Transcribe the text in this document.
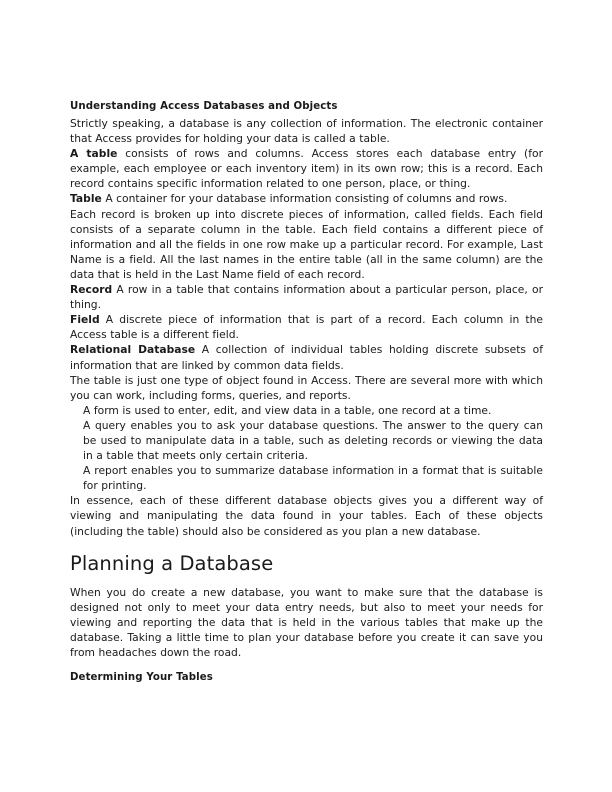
Understanding Access Databases and Objects

Strictly speaking, a database is any collection of information. The electronic container that Access provides for holding your data is called a table.

A table consists of rows and columns. Access stores each database entry (for example, each employee or each inventory item) in its own row; this is a record. Each record contains specific information related to one person, place, or thing.

Table A container for your database information consisting of columns and rows.

Each record is broken up into discrete pieces of information, called fields. Each field consists of a separate column in the table. Each field contains a different piece of information and all the fields in one row make up a particular record. For example, Last Name is a field. All the last names in the entire table (all in the same column) are the data that is held in the Last Name field of each record.

Record A row in a table that contains information about a particular person, place, or thing.

Field A discrete piece of information that is part of a record. Each column in the Access table is a different field.

Relational Database A collection of individual tables holding discrete subsets of information that are linked by common data fields.

The table is just one type of object found in Access. There are several more with which you can work, including forms, queries, and reports.

A form is used to enter, edit, and view data in a table, one record at a time.

A query enables you to ask your database questions. The answer to the query can be used to manipulate data in a table, such as deleting records or viewing the data in a table that meets only certain criteria.

A report enables you to summarize database information in a format that is suitable for printing.

In essence, each of these different database objects gives you a different way of viewing and manipulating the data found in your tables. Each of these objects (including the table) should also be considered as you plan a new database.

Planning a Database

When you do create a new database, you want to make sure that the database is designed not only to meet your data entry needs, but also to meet your needs for viewing and reporting the data that is held in the various tables that make up the database. Taking a little time to plan your database before you create it can save you from headaches down the road.

Determining Your Tables
